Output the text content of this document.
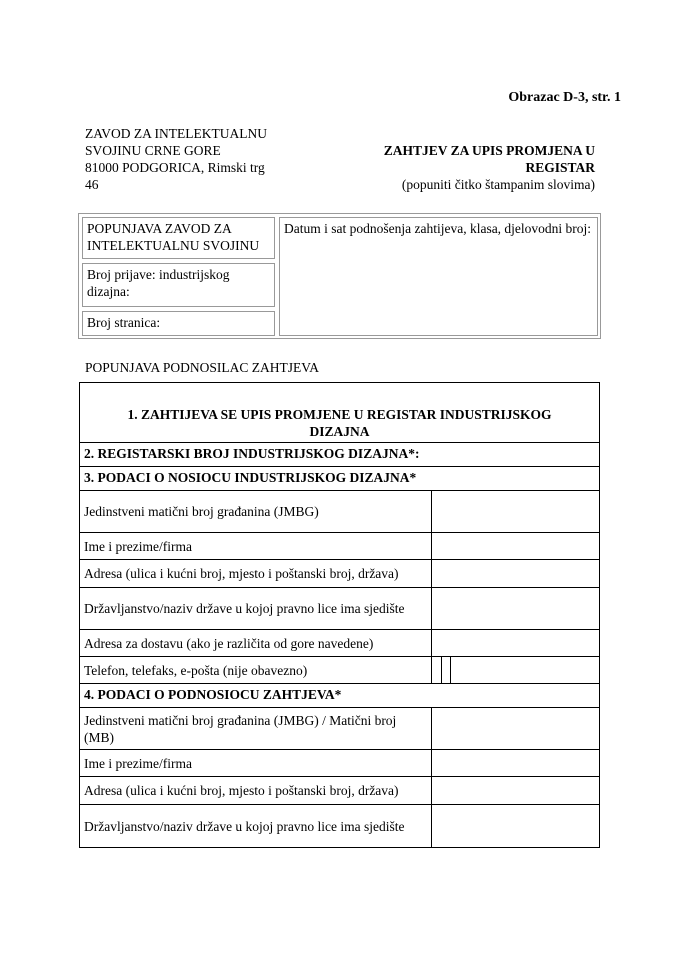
Obrazac D-3, str. 1
ZAVOD ZA INTELEKTUALNU
SVOJINU CRNE GORE
81000 PODGORICA, Rimski trg
46
ZAHTJEV ZA UPIS PROMJENA U
REGISTAR
(popuniti čitko štampanim slovima)
POPUNJAVA ZAVOD ZA INTELEKTUALNU SVOJINU
Broj prijave: industrijskog dizajna:
Broj stranica:
Datum i sat podnošenja zahtijeva, klasa, djelovodni broj:
POPUNJAVA PODNOSILAC ZAHTJEVA
1. ZAHTIJEVA SE UPIS PROMJENE U REGISTAR INDUSTRIJSKOG DIZAJNA
2. REGISTARSKI BROJ INDUSTRIJSKOG DIZAJNA*:
3. PODACI O NOSIOCU INDUSTRIJSKOG DIZAJNA*
Jedinstveni matični broj građanina (JMBG)
Ime i prezime/firma
Adresa (ulica i kućni broj, mjesto i poštanski broj, država)
Državljanstvo/naziv države u kojoj pravno lice ima sjedište
Adresa za dostavu (ako je različita od gore navedene)
Telefon, telefaks, e-pošta (nije obavezno)
4. PODACI O PODNOSIOCU ZAHTJEVA*
Jedinstveni matični broj građanina (JMBG) / Matični broj (MB)
Ime i prezime/firma
Adresa (ulica i kućni broj, mjesto i poštanski broj, država)
Državljanstvo/naziv države u kojoj pravno lice ima sjedište
